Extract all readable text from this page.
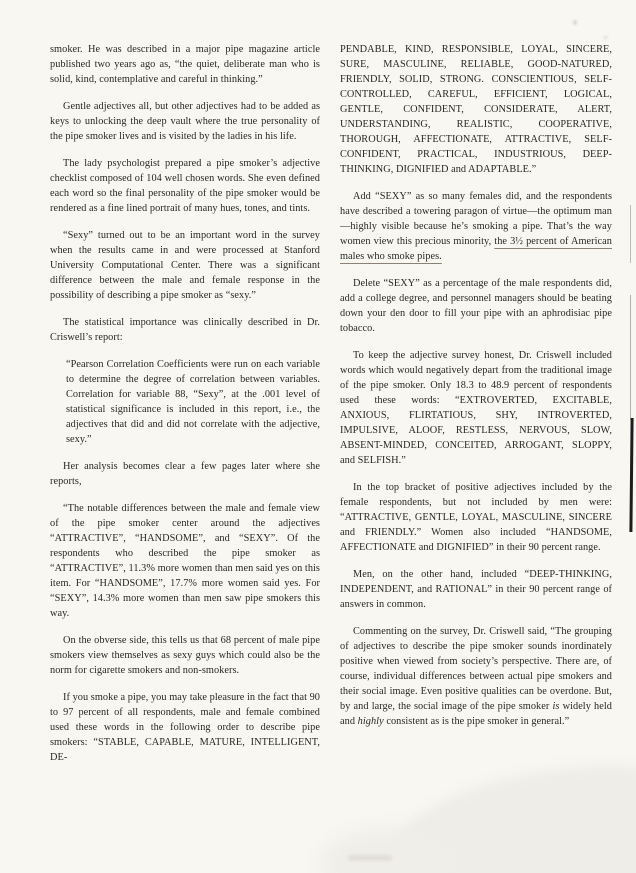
smoker. He was described in a major pipe magazine article published two years ago as, “the quiet, deliberate man who is solid, kind, contemplative and careful in thinking.”

Gentle adjectives all, but other adjectives had to be added as keys to unlocking the deep vault where the true personality of the pipe smoker lives and is visited by the ladies in his life.

The lady psychologist prepared a pipe smoker’s adjective checklist composed of 104 well chosen words. She even defined each word so the final personality of the pipe smoker would be rendered as a fine lined portrait of many hues, tones, and tints.

“Sexy” turned out to be an important word in the survey when the results came in and were processed at Stanford University Computational Center. There was a significant difference between the male and female response in the possibility of describing a pipe smoker as “sexy.”

The statistical importance was clinically described in Dr. Criswell’s report:

“Pearson Correlation Coefficients were run on each variable to determine the degree of correlation between variables. Correlation for variable 88, “Sexy”, at the .001 level of statistical significance is included in this report, i.e., the adjectives that did and did not correlate with the adjective, sexy.”

Her analysis becomes clear a few pages later where she reports,

“The notable differences between the male and female view of the pipe smoker center around the adjectives “ATTRACTIVE”, “HANDSOME”, and “SEXY”. Of the respondents who described the pipe smoker as “ATTRACTIVE”, 11.3% more women than men said yes on this item. For “HANDSOME”, 17.7% more women said yes. For “SEXY”, 14.3% more women than men saw pipe smokers this way.

On the obverse side, this tells us that 68 percent of male pipe smokers view themselves as sexy guys which could also be the norm for cigarette smokers and non-smokers.

If you smoke a pipe, you may take pleasure in the fact that 90 to 97 percent of all respondents, male and female combined used these words in the following order to describe pipe smokers: “STABLE, CAPABLE, MATURE, INTELLIGENT, DE-

PENDABLE, KIND, RESPONSIBLE, LOYAL, SINCERE, SURE, MASCULINE, RELIABLE, GOOD-NATURED, FRIENDLY, SOLID, STRONG. CONSCIENTIOUS, SELF-CONTROLLED, CAREFUL, EFFICIENT, LOGICAL, GENTLE, CONFIDENT, CONSIDERATE, ALERT, UNDERSTANDING, REALISTIC, COOPERATIVE, THOROUGH, AFFECTIONATE, ATTRACTIVE, SELF-CONFIDENT, PRACTICAL, INDUSTRIOUS, DEEP-THINKING, DIGNIFIED and ADAPTABLE.”

Add “SEXY” as so many females did, and the respondents have described a towering paragon of virtue—the optimum man—highly visible because he’s smoking a pipe. That’s the way women view this precious minority, the 3½ percent of American males who smoke pipes.

Delete “SEXY” as a percentage of the male respondents did, add a college degree, and personnel managers should be beating down your den door to fill your pipe with an aphrodisiac pipe tobacco.

To keep the adjective survey honest, Dr. Criswell included words which would negatively depart from the traditional image of the pipe smoker. Only 18.3 to 48.9 percent of respondents used these words: “EXTROVERTED, EXCITABLE, ANXIOUS, FLIRTATIOUS, SHY, INTROVERTED, IMPULSIVE, ALOOF, RESTLESS, NERVOUS, SLOW, ABSENT-MINDED, CONCEITED, ARROGANT, SLOPPY, and SELFISH.”

In the top bracket of positive adjectives included by the female respondents, but not included by men were: “ATTRACTIVE, GENTLE, LOYAL, MASCULINE, SINCERE and FRIENDLY.” Women also included “HANDSOME, AFFECTIONATE and DIGNIFIED” in their 90 percent range.

Men, on the other hand, included “DEEP-THINKING, INDEPENDENT, and RATIONAL” in their 90 percent range of answers in common.

Commenting on the survey, Dr. Criswell said, “The grouping of adjectives to describe the pipe smoker sounds inordinately positive when viewed from society’s perspective. There are, of course, individual differences between actual pipe smokers and their social image. Even positive qualities can be overdone. But, by and large, the social image of the pipe smoker is widely held and highly consistent as is the pipe smoker in general.”
